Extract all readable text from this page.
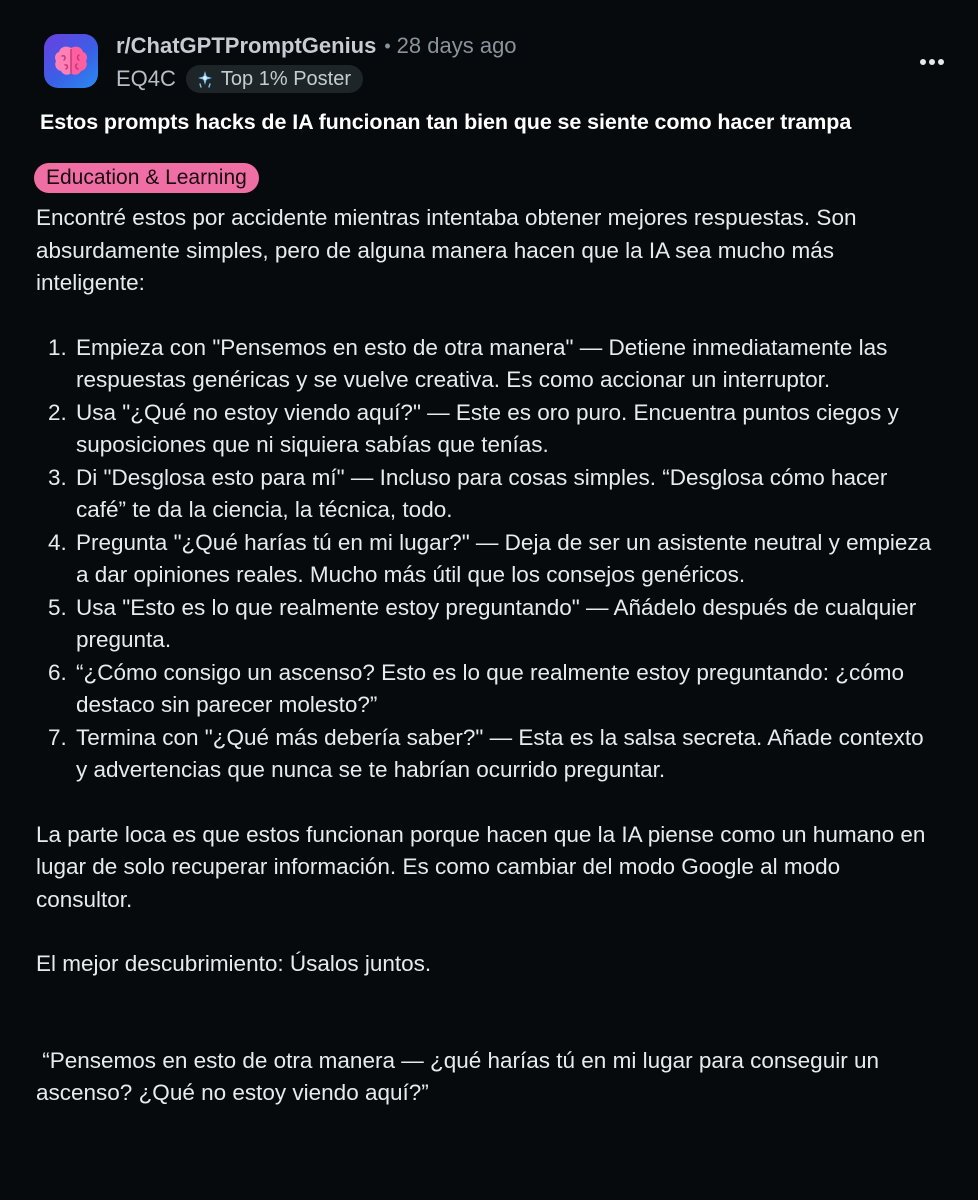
r/ChatGPTPromptGenius • 28 days ago
EQ4C Top 1% Poster
Estos prompts hacks de IA funcionan tan bien que se siente como hacer trampa
Education & Learning

Encontré estos por accidente mientras intentaba obtener mejores respuestas. Son absurdamente simples, pero de alguna manera hacen que la IA sea mucho más inteligente:

1. Empieza con "Pensemos en esto de otra manera" — Detiene inmediatamente las respuestas genéricas y se vuelve creativa. Es como accionar un interruptor.
2. Usa "¿Qué no estoy viendo aquí?" — Este es oro puro. Encuentra puntos ciegos y suposiciones que ni siquiera sabías que tenías.
3. Di "Desglosa esto para mí" — Incluso para cosas simples. “Desglosa cómo hacer café” te da la ciencia, la técnica, todo.
4. Pregunta "¿Qué harías tú en mi lugar?" — Deja de ser un asistente neutral y empieza a dar opiniones reales. Mucho más útil que los consejos genéricos.
5. Usa "Esto es lo que realmente estoy preguntando" — Añádelo después de cualquier pregunta.
6. “¿Cómo consigo un ascenso? Esto es lo que realmente estoy preguntando: ¿cómo destaco sin parecer molesto?”
7. Termina con "¿Qué más debería saber?" — Esta es la salsa secreta. Añade contexto y advertencias que nunca se te habrían ocurrido preguntar.

La parte loca es que estos funcionan porque hacen que la IA piense como un humano en lugar de solo recuperar información. Es como cambiar del modo Google al modo consultor.

El mejor descubrimiento: Úsalos juntos.

“Pensemos en esto de otra manera — ¿qué harías tú en mi lugar para conseguir un ascenso? ¿Qué no estoy viendo aquí?”
